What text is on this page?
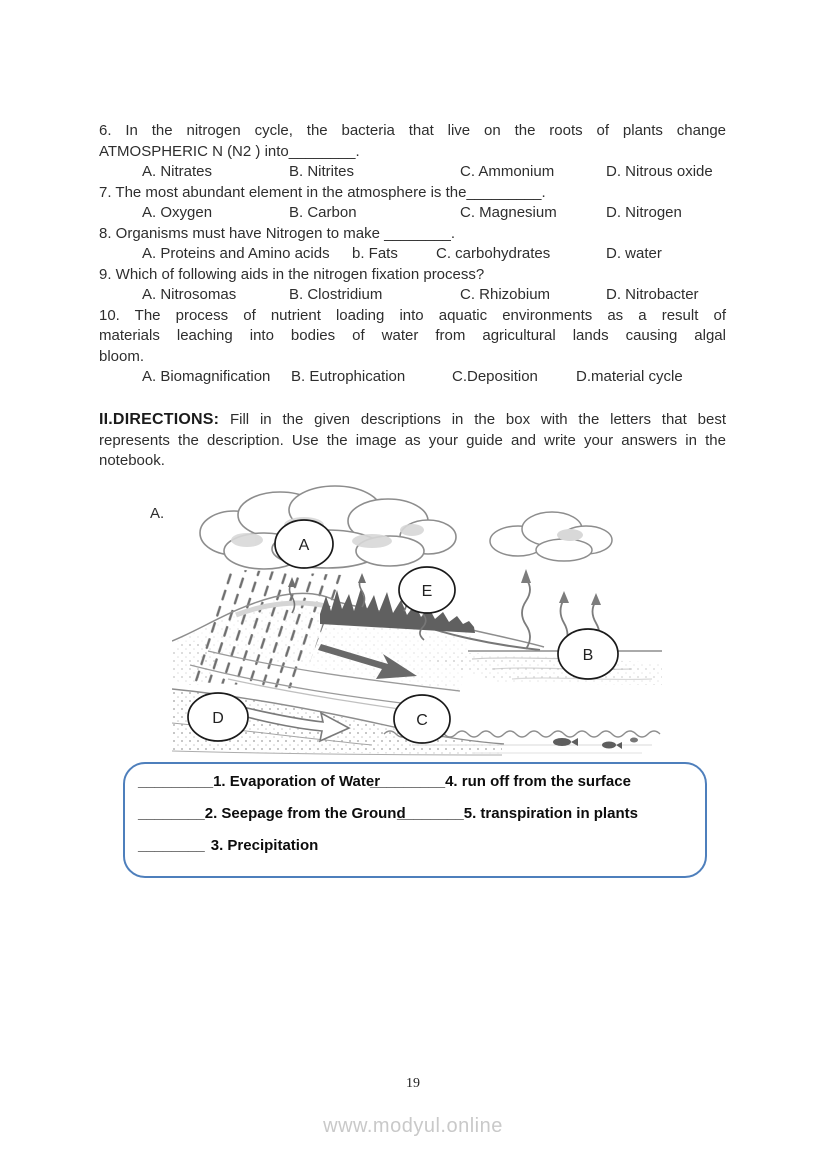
6. In the nitrogen cycle, the bacteria that live on the roots of plants change
ATMOSPHERIC N (N2 ) into________.
A. Nitrates	B. Nitrites	C. Ammonium	D. Nitrous oxide
7. The most abundant element in the atmosphere is the_________.
A. Oxygen	B. Carbon	C. Magnesium	D. Nitrogen
8. Organisms must have Nitrogen to make ________.
A. Proteins and Amino acids	b. Fats	C. carbohydrates	D. water
9. Which of following aids in the nitrogen fixation process?
A. Nitrosomas	B. Clostridium	C. Rhizobium	D. Nitrobacter
10. The process of nutrient loading into aquatic environments as a result of
materials leaching into bodies of water from agricultural lands causing algal
bloom.
A. Biomagnification	B. Eutrophication	C.Deposition	D.material cycle
II.DIRECTIONS: Fill in the given descriptions in the box with the letters that best
represents the description. Use the image as your guide and write your answers in the
notebook.
A.
A
E
B
C
D
_________1. Evaporation of Water
_________4. run off from the surface
________2. Seepage from the Ground
________5. transpiration in plants
________ 3. Precipitation
19
www.modyul.online
